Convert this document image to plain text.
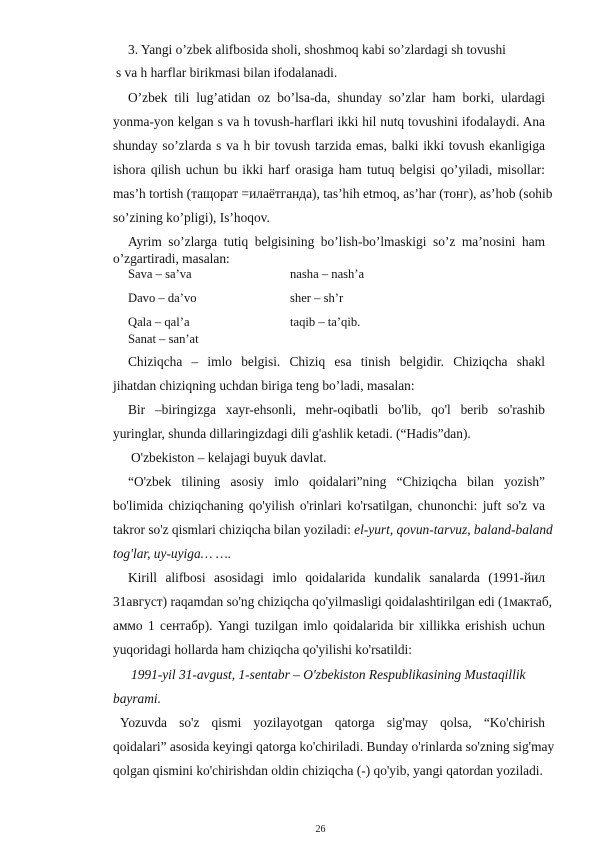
3. Yangi o’zbek alifbosida sholi, shoshmoq kabi so’zlardagi sh tovushi
s va h harflar birikmasi bilan ifodalanadi.
O’zbek tili lug’atidan oz bo’lsa-da, shunday so’zlar ham borki, ulardagi
yonma-yon kelgan s va h tovush-harflari ikki hil nutq tovushini ifodalaydi. Ana
shunday so’zlarda s va h bir tovush tarzida emas, balki ikki tovush ekanligiga
ishora qilish uchun bu ikki harf orasiga ham tutuq belgisi qo’yiladi, misollar:
mas’h tortish (тащорат =илаётганда), tas’hih etmoq, as’har (тонг), as’hob (sohib
so’zining ko’pligi), Is’hoqov.
Ayrim so’zlarga tutiq belgisining bo’lish-bo’lmaskigi so’z ma’nosini ham
o’zgartiradi, masalan:
Sava – sa’va	nasha – nash’a
Davo – da’vo	sher – sh’r
Qala – qal’a	taqib – ta’qib.
Sanat – san’at
Chiziqcha – imlo belgisi. Chiziq esa tinish belgidir. Chiziqcha shakl
jihatdan chiziqning uchdan biriga teng bo’ladi, masalan:
Bir –biringizga xayr-ehsonli, mehr-oqibatli bo'lib, qo'l berib so'rashib
yuringlar, shunda dillaringizdagi dili g'ashlik ketadi. (“Hadis”dan).
O'zbekiston – kelajagi buyuk davlat.
“O'zbek tilining asosiy imlo qoidalari”ning “Chiziqcha bilan yozish”
bo'limida chiziqchaning qo'yilish o'rinlari ko'rsatilgan, chunonchi: juft so'z va
takror so'z qismlari chiziqcha bilan yoziladi: el-yurt, qovun-tarvuz, baland-baland
tog'lar, uy-uyiga… ….
Kirill alifbosi asosidagi imlo qoidalarida kundalik sanalarda (1991-йил
31август) raqamdan so'ng chiziqcha qo'yilmasligi qoidalashtirilgan edi (1мактаб,
аммо 1 сентабр). Yangi tuzilgan imlo qoidalarida bir xillikka erishish uchun
yuqoridagi hollarda ham chiziqcha qo'yilishi ko'rsatildi:
1991-yil 31-avgust, 1-sentabr – O'zbekiston Respublikasining Mustaqillik
bayrami.
Yozuvda so'z qismi yozilayotgan qatorga sig'may qolsa, “Ko'chirish
qoidalari” asosida keyingi qatorga ko'chiriladi. Bunday o'rinlarda so'zning sig'may
qolgan qismini ko'chirishdan oldin chiziqcha (-) qo'yib, yangi qatordan yoziladi.
26
